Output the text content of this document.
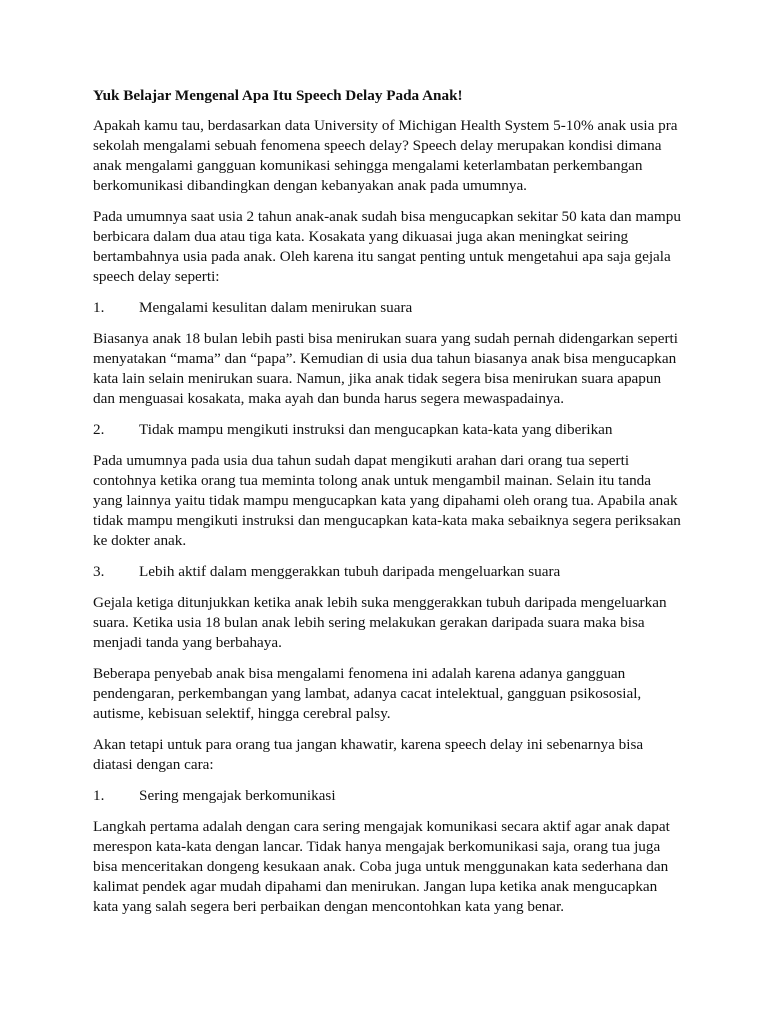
Yuk Belajar Mengenal Apa Itu Speech Delay Pada Anak!

Apakah kamu tau, berdasarkan data University of Michigan Health System 5-10% anak usia pra sekolah mengalami sebuah fenomena speech delay? Speech delay merupakan kondisi dimana anak mengalami gangguan komunikasi sehingga mengalami keterlambatan perkembangan berkomunikasi dibandingkan dengan kebanyakan anak pada umumnya.

Pada umumnya saat usia 2 tahun anak-anak sudah bisa mengucapkan sekitar 50 kata dan mampu berbicara dalam dua atau tiga kata. Kosakata yang dikuasai juga akan meningkat seiring bertambahnya usia pada anak. Oleh karena itu sangat penting untuk mengetahui apa saja gejala speech delay seperti:

1.	Mengalami kesulitan dalam menirukan suara

Biasanya anak 18 bulan lebih pasti bisa menirukan suara yang sudah pernah didengarkan seperti menyatakan “mama” dan “papa”. Kemudian di usia dua tahun biasanya anak bisa mengucapkan kata lain selain menirukan suara. Namun, jika anak tidak segera bisa menirukan suara apapun dan menguasai kosakata, maka ayah dan bunda harus segera mewaspadainya.

2.	Tidak mampu mengikuti instruksi dan mengucapkan kata-kata yang diberikan

Pada umumnya pada usia dua tahun sudah dapat mengikuti arahan dari orang tua seperti contohnya ketika orang tua meminta tolong anak untuk mengambil mainan. Selain itu tanda yang lainnya yaitu tidak mampu mengucapkan kata yang dipahami oleh orang tua. Apabila anak tidak mampu mengikuti instruksi dan mengucapkan kata-kata maka sebaiknya segera periksakan ke dokter anak.

3.	Lebih aktif dalam menggerakkan tubuh daripada mengeluarkan suara

Gejala ketiga ditunjukkan ketika anak lebih suka menggerakkan tubuh daripada mengeluarkan suara. Ketika usia 18 bulan anak lebih sering melakukan gerakan daripada suara maka bisa menjadi tanda yang berbahaya.

Beberapa penyebab anak bisa mengalami fenomena ini adalah karena adanya gangguan pendengaran, perkembangan yang lambat, adanya cacat intelektual, gangguan psikososial, autisme, kebisuan selektif, hingga cerebral palsy.

Akan tetapi untuk para orang tua jangan khawatir, karena speech delay ini sebenarnya bisa diatasi dengan cara:

1.	Sering mengajak berkomunikasi

Langkah pertama adalah dengan cara sering mengajak komunikasi secara aktif agar anak dapat merespon kata-kata dengan lancar. Tidak hanya mengajak berkomunikasi saja, orang tua juga bisa menceritakan dongeng kesukaan anak. Coba juga untuk menggunakan kata sederhana dan kalimat pendek agar mudah dipahami dan menirukan. Jangan lupa ketika anak mengucapkan kata yang salah segera beri perbaikan dengan mencontohkan kata yang benar.
